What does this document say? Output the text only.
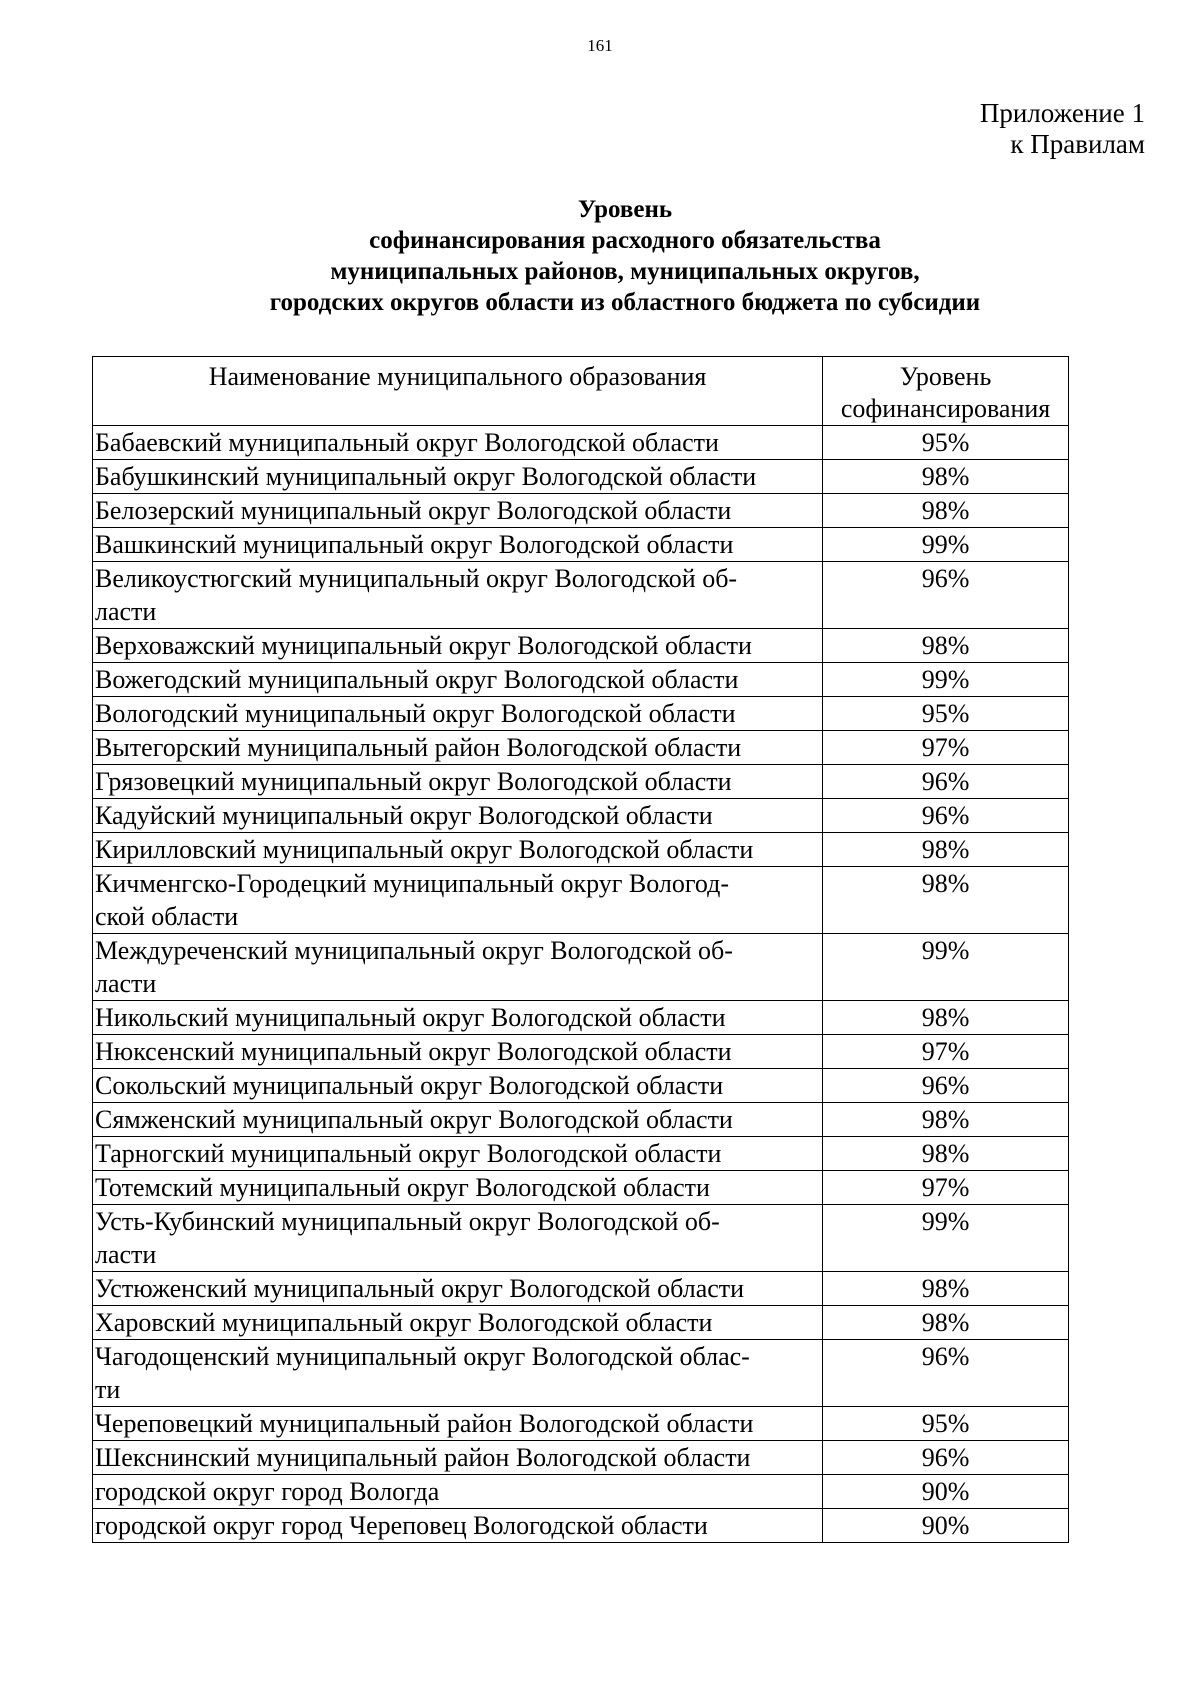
161
Приложение 1
к Правилам
Уровень
софинансирования расходного обязательства
муниципальных районов, муниципальных округов,
городских округов области из областного бюджета по субсидии
Наименование муниципального образования	Уровень
софинансирования

Бабаевский муниципальный округ Вологодской области	95%
Бабушкинский муниципальный округ Вологодской области	98%
Белозерский муниципальный округ Вологодской области	98%
Вашкинский муниципальный округ Вологодской области	99%
Великоустюгский муниципальный округ Вологодской об-
ласти	96%
Верховажский муниципальный округ Вологодской области	98%
Вожегодский муниципальный округ Вологодской области	99%
Вологодский муниципальный округ Вологодской области	95%
Вытегорский муниципальный район Вологодской области	97%
Грязовецкий муниципальный округ Вологодской области	96%
Кадуйский муниципальный округ Вологодской области	96%
Кирилловский муниципальный округ Вологодской области	98%
Кичменгско-Городецкий муниципальный округ Вологод-
ской области	98%
Междуреченский муниципальный округ Вологодской об-
ласти	99%
Никольский муниципальный округ Вологодской области	98%
Нюксенский муниципальный округ Вологодской области	97%
Сокольский муниципальный округ Вологодской области	96%
Сямженский муниципальный округ Вологодской области	98%
Тарногский муниципальный округ Вологодской области	98%
Тотемский муниципальный округ Вологодской области	97%
Усть-Кубинский муниципальный округ Вологодской об-
ласти	99%
Устюженский муниципальный округ Вологодской области	98%
Харовский муниципальный округ Вологодской области	98%
Чагодощенский муниципальный округ Вологодской облас-
ти	96%
Череповецкий муниципальный район Вологодской области	95%
Шекснинский муниципальный район Вологодской области	96%
городской округ город Вологда	90%
городской округ город Череповец Вологодской области	90%
